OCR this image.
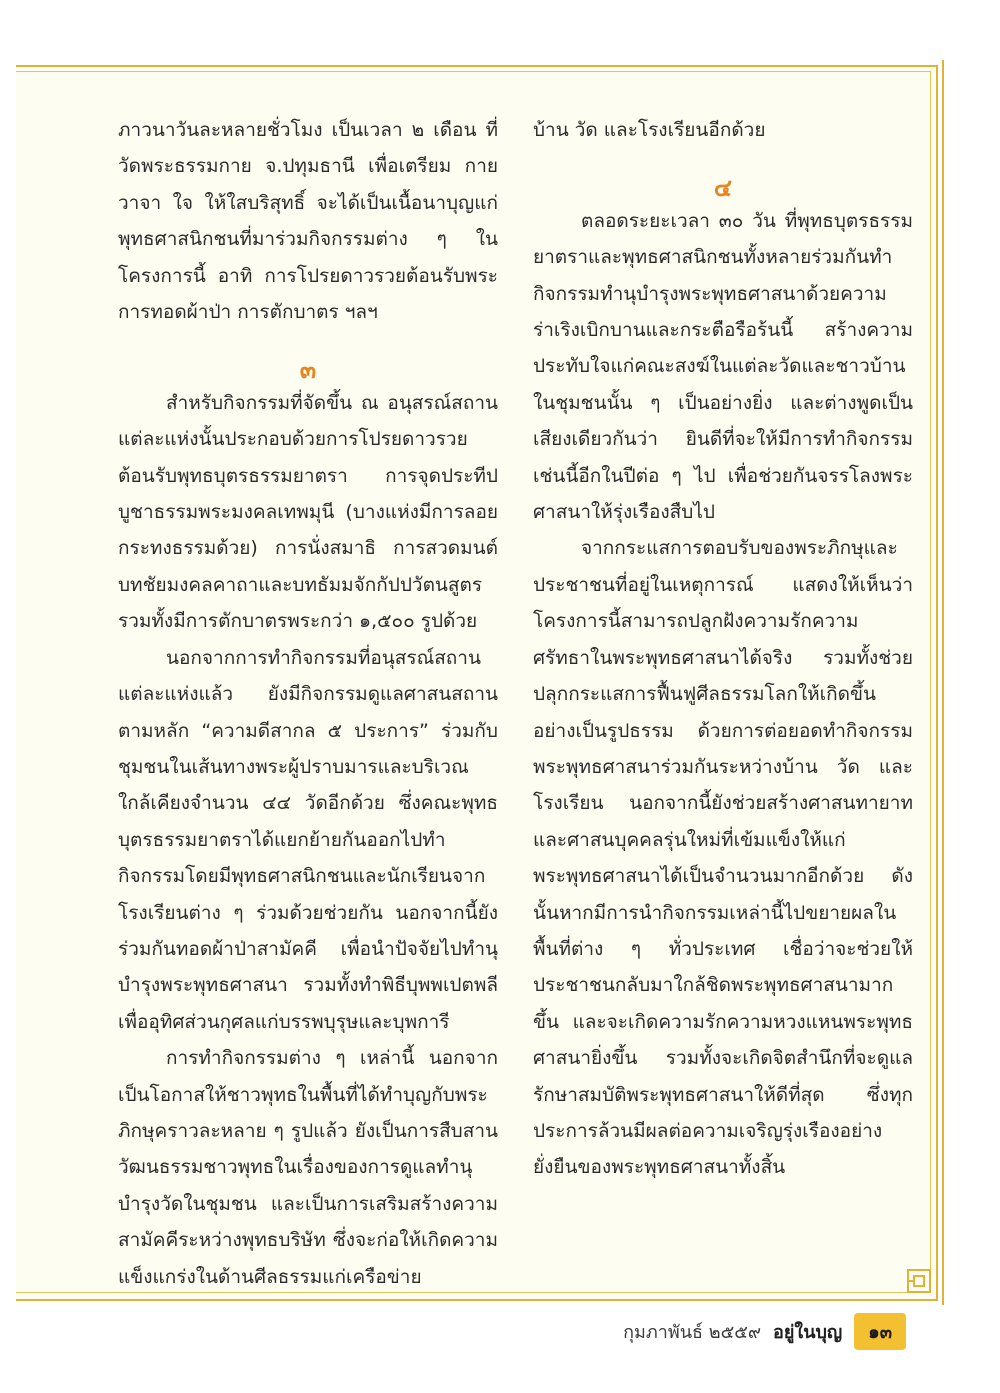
ภาวนาวันละหลายชั่วโมง เป็นเวลา ๒ เดือน ที่วัดพระธรรมกาย จ.ปทุมธานี เพื่อเตรียม กาย วาจา ใจ ให้ใสบริสุทธิ์ จะได้เป็นเนื้อนาบุญแก่พุทธศาสนิกชนที่มาร่วมกิจกรรมต่าง ๆ ในโครงการนี้ อาทิ การโปรยดาวรวยต้อนรับพระ การทอดผ้าป่า การตักบาตร ฯลฯ

๓

สำหรับกิจกรรมที่จัดขึ้น ณ อนุสรณ์สถานแต่ละแห่งนั้นประกอบด้วยการโปรยดาวรวยต้อนรับพุทธบุตรธรรมยาตรา การจุดประทีปบูชาธรรมพระมงคลเทพมุนี (บางแห่งมีการลอยกระทงธรรมด้วย) การนั่งสมาธิ การสวดมนต์บทชัยมงคลคาถาและบทธัมมจักกัปปวัตนสูตร รวมทั้งมีการตักบาตรพระกว่า ๑,๕๐๐ รูปด้วย

นอกจากการทำกิจกรรมที่อนุสรณ์สถานแต่ละแห่งแล้ว ยังมีกิจกรรมดูแลศาสนสถานตามหลัก “ความดีสากล ๕ ประการ” ร่วมกับชุมชนในเส้นทางพระผู้ปราบมารและบริเวณใกล้เคียงจำนวน ๔๔ วัดอีกด้วย ซึ่งคณะพุทธบุตรธรรมยาตราได้แยกย้ายกันออกไปทำกิจกรรมโดยมีพุทธศาสนิกชนและนักเรียนจากโรงเรียนต่าง ๆ ร่วมด้วยช่วยกัน นอกจากนี้ยังร่วมกันทอดผ้าป่าสามัคคี เพื่อนำปัจจัยไปทำนุบำรุงพระพุทธศาสนา รวมทั้งทำพิธีบุพพเปตพลี เพื่ออุทิศส่วนกุศลแก่บรรพบุรุษและบุพการี

การทำกิจกรรมต่าง ๆ เหล่านี้ นอกจากเป็นโอกาสให้ชาวพุทธในพื้นที่ได้ทำบุญกับพระภิกษุคราวละหลาย ๆ รูปแล้ว ยังเป็นการสืบสานวัฒนธรรมชาวพุทธในเรื่องของการดูแลทำนุบำรุงวัดในชุมชน และเป็นการเสริมสร้างความสามัคคีระหว่างพุทธบริษัท ซึ่งจะก่อให้เกิดความแข็งแกร่งในด้านศีลธรรมแก่เครือข่าย

บ้าน วัด และโรงเรียนอีกด้วย

๔

ตลอดระยะเวลา ๓๐ วัน ที่พุทธบุตรธรรมยาตราและพุทธศาสนิกชนทั้งหลายร่วมกันทำกิจกรรมทำนุบำรุงพระพุทธศาสนาด้วยความร่าเริงเบิกบานและกระตือรือร้นนี้ สร้างความประทับใจแก่คณะสงฆ์ในแต่ละวัดและชาวบ้านในชุมชนนั้น ๆ เป็นอย่างยิ่ง และต่างพูดเป็นเสียงเดียวกันว่า ยินดีที่จะให้มีการทำกิจกรรมเช่นนี้อีกในปีต่อ ๆ ไป เพื่อช่วยกันจรรโลงพระศาสนาให้รุ่งเรืองสืบไป

จากกระแสการตอบรับของพระภิกษุและประชาชนที่อยู่ในเหตุการณ์ แสดงให้เห็นว่าโครงการนี้สามารถปลูกฝังความรักความศรัทธาในพระพุทธศาสนาได้จริง รวมทั้งช่วยปลุกกระแสการฟื้นฟูศีลธรรมโลกให้เกิดขึ้นอย่างเป็นรูปธรรม ด้วยการต่อยอดทำกิจกรรมพระพุทธศาสนาร่วมกันระหว่างบ้าน วัด และโรงเรียน นอกจากนี้ยังช่วยสร้างศาสนทายาทและศาสนบุคคลรุ่นใหม่ที่เข้มแข็งให้แก่พระพุทธศาสนาได้เป็นจำนวนมากอีกด้วย ดังนั้นหากมีการนำกิจกรรมเหล่านี้ไปขยายผลในพื้นที่ต่าง ๆ ทั่วประเทศ เชื่อว่าจะช่วยให้ประชาชนกลับมาใกล้ชิดพระพุทธศาสนามากขึ้น และจะเกิดความรักความหวงแหนพระพุทธศาสนายิ่งขึ้น รวมทั้งจะเกิดจิตสำนึกที่จะดูแลรักษาสมบัติพระพุทธศาสนาให้ดีที่สุด ซึ่งทุกประการล้วนมีผลต่อความเจริญรุ่งเรืองอย่างยั่งยืนของพระพุทธศาสนาทั้งสิ้น

กุมภาพันธ์ ๒๕๕๙ อยู่ในบุญ	๑๓
